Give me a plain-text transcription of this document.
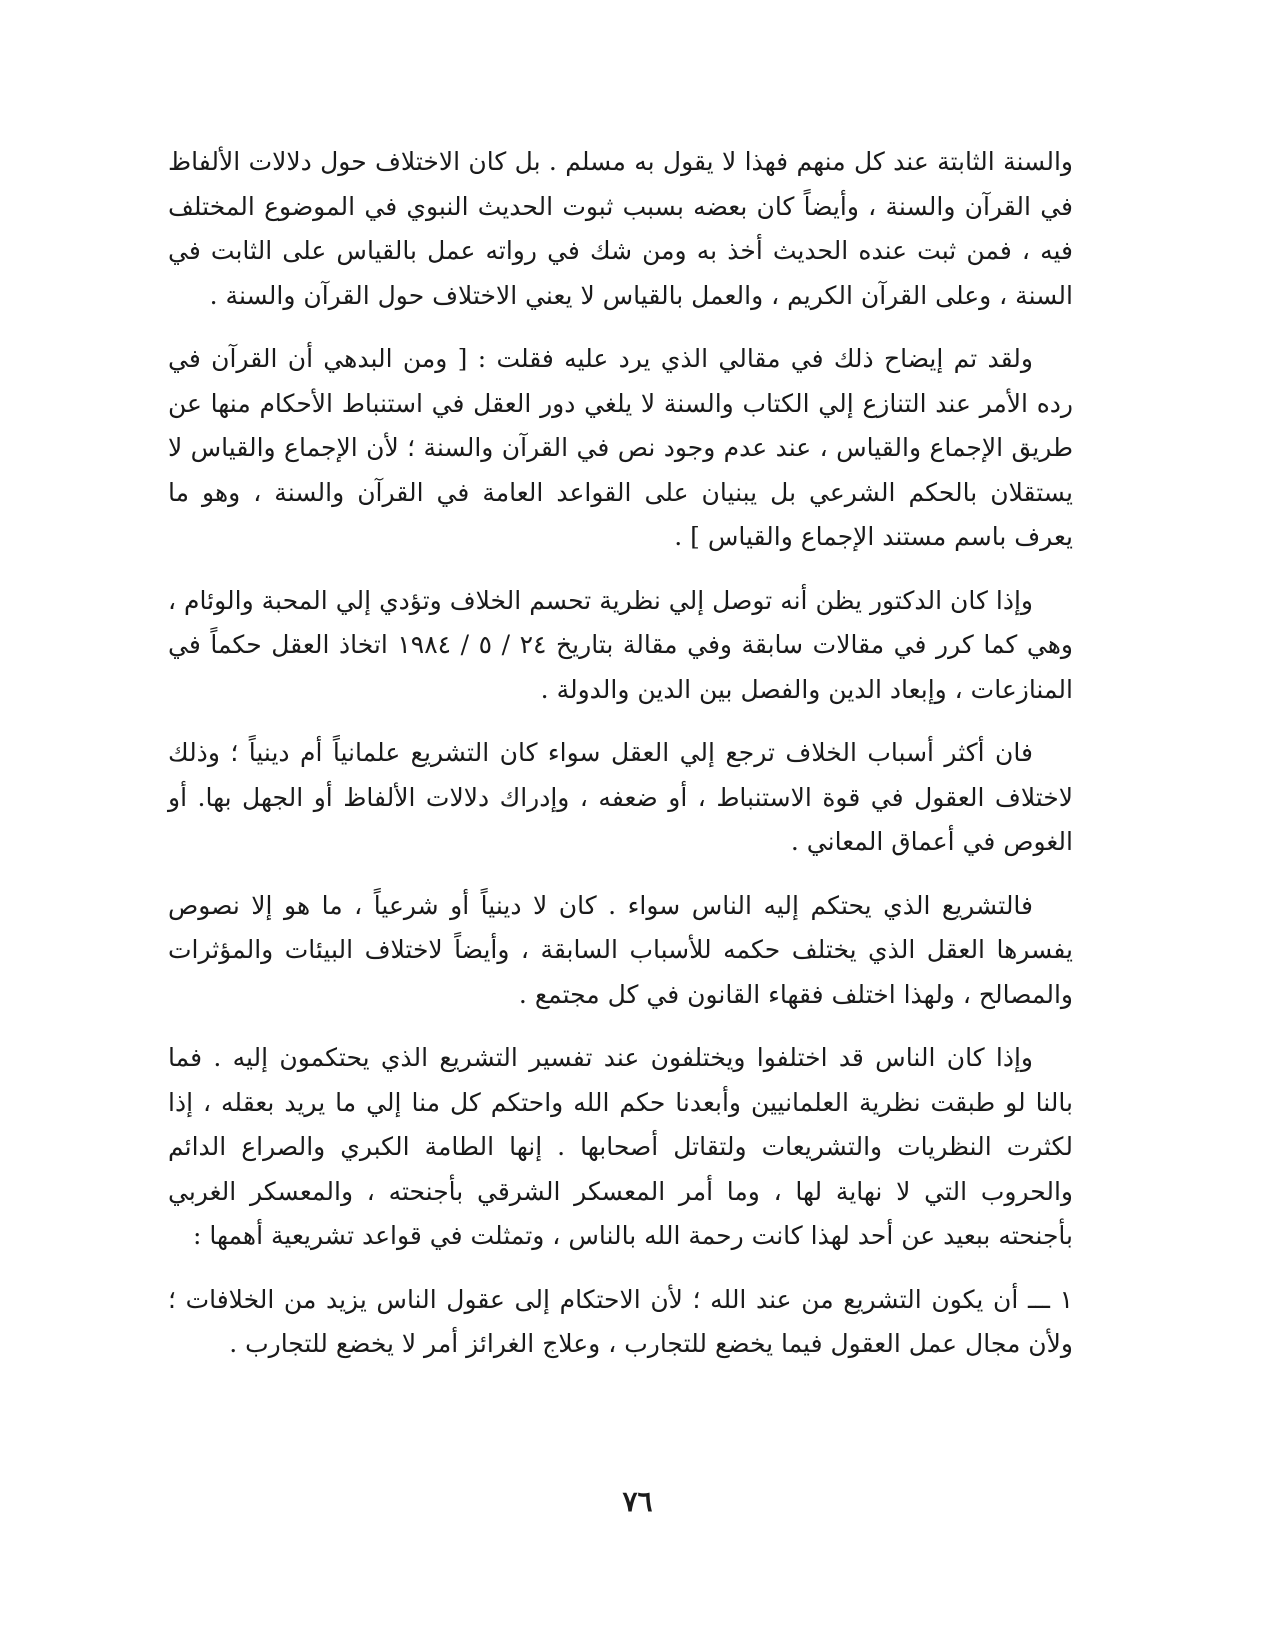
والسنة الثابتة عند كل منهم فهذا لا يقول به مسلم . بل كان الاختلاف حول دلالات الألفاظ في القرآن والسنة ، وأيضاً كان بعضه بسبب ثبوت الحديث النبوي في الموضوع المختلف فيه ، فمن ثبت عنده الحديث أخذ به ومن شك في رواته عمل بالقياس على الثابت في السنة ، وعلى القرآن الكريم ، والعمل بالقياس لا يعني الاختلاف حول القرآن والسنة .

ولقد تم إيضاح ذلك في مقالي الذي يرد عليه فقلت : [ ومن البدهي أن القرآن في رده الأمر عند التنازع إلي الكتاب والسنة لا يلغي دور العقل في استنباط الأحكام منها عن طريق الإجماع والقياس ، عند عدم وجود نص في القرآن والسنة ؛ لأن الإجماع والقياس لا يستقلان بالحكم الشرعي بل يبنيان على القواعد العامة في القرآن والسنة ، وهو ما يعرف باسم مستند الإجماع والقياس ] .

وإذا كان الدكتور يظن أنه توصل إلي نظرية تحسم الخلاف وتؤدي إلي المحبة والوئام ، وهي كما كرر في مقالات سابقة وفي مقالة بتاريخ ٢٤ / ٥ / ١٩٨٤ اتخاذ العقل حكماً في المنازعات ، وإبعاد الدين والفصل بين الدين والدولة .

فان أكثر أسباب الخلاف ترجع إلي العقل سواء كان التشريع علمانياً أم دينياً ؛ وذلك لاختلاف العقول في قوة الاستنباط ، أو ضعفه ، وإدراك دلالات الألفاظ أو الجهل بها. أو الغوص في أعماق المعاني .

فالتشريع الذي يحتكم إليه الناس سواء . كان لا دينياً أو شرعياً ، ما هو إلا نصوص يفسرها العقل الذي يختلف حكمه للأسباب السابقة ، وأيضاً لاختلاف البيئات والمؤثرات والمصالح ، ولهذا اختلف فقهاء القانون في كل مجتمع .

وإذا كان الناس قد اختلفوا ويختلفون عند تفسير التشريع الذي يحتكمون إليه . فما بالنا لو طبقت نظرية العلمانيين وأبعدنا حكم الله واحتكم كل منا إلي ما يريد بعقله ، إذا لكثرت النظريات والتشريعات ولتقاتل أصحابها . إنها الطامة الكبري والصراع الدائم والحروب التي لا نهاية لها ، وما أمر المعسكر الشرقي بأجنحته ، والمعسكر الغربي بأجنحته ببعيد عن أحد لهذا كانت رحمة الله بالناس ، وتمثلت في قواعد تشريعية أهمها :

١ ـــ أن يكون التشريع من عند الله ؛ لأن الاحتكام إلى عقول الناس يزيد من الخلافات ؛ ولأن مجال عمل العقول فيما يخضع للتجارب ، وعلاج الغرائز أمر لا يخضع للتجارب .

٧٦
